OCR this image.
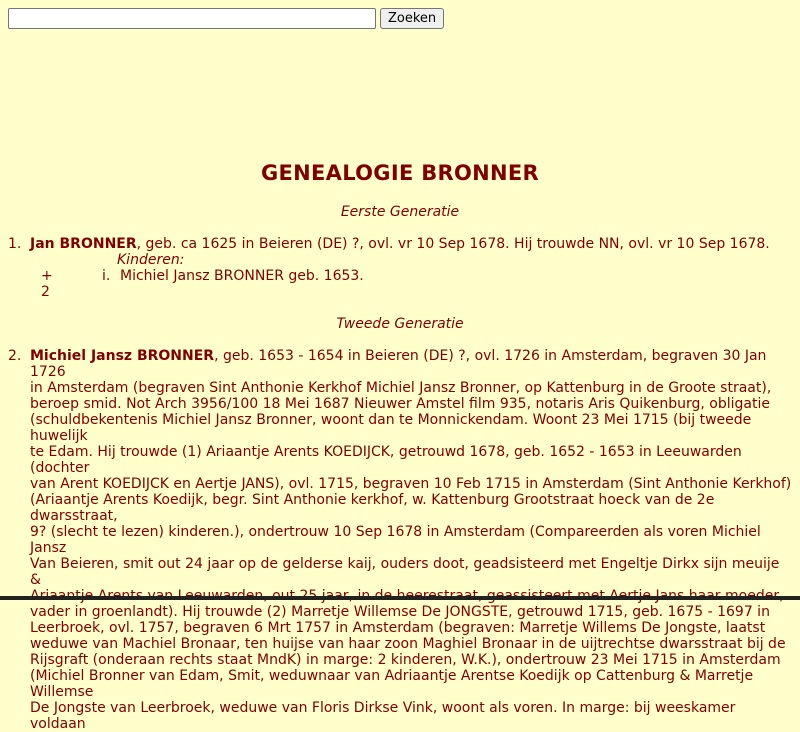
Zoeken
GENEALOGIE BRONNER
Eerste Generatie
1. Jan BRONNER, geb. ca 1625 in Beieren (DE) ?, ovl. vr 10 Sep 1678. Hij trouwde NN, ovl. vr 10 Sep 1678.
Kinderen:
+ 2
i. Michiel Jansz BRONNER geb. 1653.
Tweede Generatie
2. Michiel Jansz BRONNER, geb. 1653 - 1654 in Beieren (DE) ?, ovl. 1726 in Amsterdam, begraven 30 Jan 1726
in Amsterdam (begraven Sint Anthonie Kerkhof Michiel Jansz Bronner, op Kattenburg in de Groote straat),
beroep smid. Not Arch 3956/100 18 Mei 1687 Nieuwer Amstel film 935, notaris Aris Quikenburg, obligatie
(schuldbekentenis Michiel Jansz Bronner, woont dan te Monnickendam. Woont 23 Mei 1715 (bij tweede huwelijk
te Edam. Hij trouwde (1) Ariaantje Arents KOEDIJCK, getrouwd 1678, geb. 1652 - 1653 in Leeuwarden (dochter
van Arent KOEDIJCK en Aertje JANS), ovl. 1715, begraven 10 Feb 1715 in Amsterdam (Sint Anthonie Kerkhof)
(Ariaantje Arents Koedijk, begr. Sint Anthonie kerkhof, w. Kattenburg Grootstraat hoeck van de 2e dwarsstraat,
9? (slecht te lezen) kinderen.), ondertrouw 10 Sep 1678 in Amsterdam (Compareerden als voren Michiel Jansz
Van Beieren, smit out 24 jaar op de gelderse kaij, ouders doot, geadsisteerd met Engeltje Dirkx sijn meuije &
vader in groenlandt). Hij trouwde (2) Marretje Willemse De JONGSTE, getrouwd 1715, geb. 1675 - 1697 in
Leerbroek, ovl. 1757, begraven 6 Mrt 1757 in Amsterdam (begraven: Marretje Willems De Jongste, laatst
weduwe van Machiel Bronaar, ten huijse van haar zoon Maghiel Bronaar in de uijtrechtse dwarsstraat bij de
Rijsgraft (onderaan rechts staat MndK) in marge: 2 kinderen, W.K.), ondertrouw 23 Mei 1715 in Amsterdam
(Michiel Bronner van Edam, Smit, weduwnaar van Adriaantje Arentse Koedijk op Cattenburg & Marretje Willemse
De Jongste van Leerbroek, weduwe van Floris Dirkse Vink, woont als voren. In marge: bij weeskamer voldaan
